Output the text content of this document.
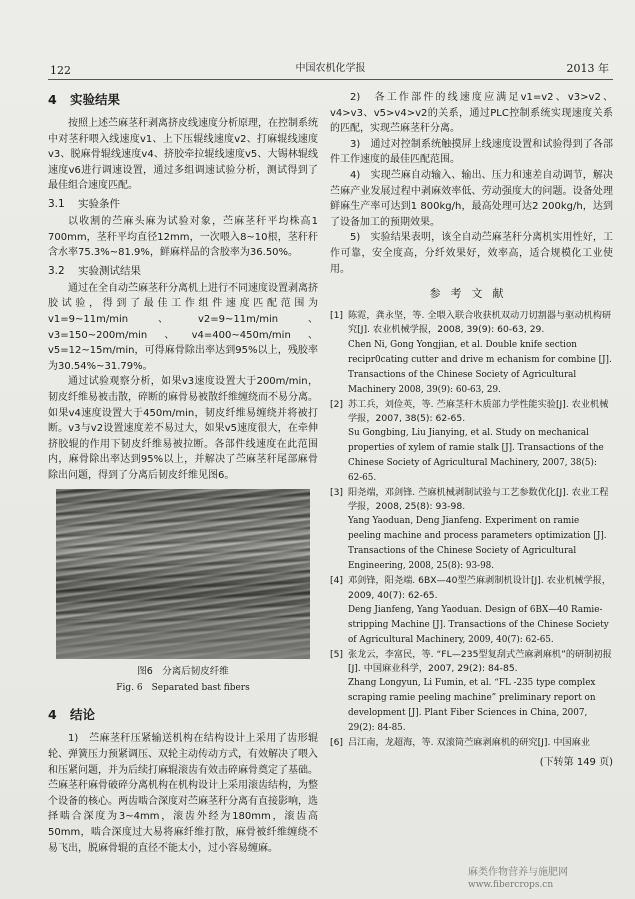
122	中国农机化学报	2013 年
4 实验结果

按照上述苎麻茎秆剥离挤皮线速度分析原理，在控制系统中对茎秆喂入线速度v1、上下压辊线速度v2、打麻辊线速度v3、脱麻骨辊线速度v4、挤胶牵拉辊线速度v5、大锡林辊线速度v6进行调速设置，通过多组调速试验分析，测试得到了最佳组合速度匹配。

3.1 实验条件

以收割的苎麻头麻为试验对象，苎麻茎秆平均株高1 700mm，茎秆平均直径12mm，一次喂入8~10根，茎秆秆含水率75.3%~81.9%，鲜麻样品的含胶率为36.50%。

3.2 实验测试结果

通过在全自动苎麻茎秆分离机上进行不同速度设置剥离挤胶试验，得到了最佳工作组件速度匹配范围为v1=9~11m/min、v2=9~11m/min、v3=150~200m/min、v4=400~450m/min、v5=12~15m/min，可得麻骨除出率达到95%以上，残胶率为30.54%~31.79%。

通过试验观察分析，如果v3速度设置大于200m/min，韧皮纤维易被击散，碎断的麻骨易被散纤维缠绕而不易分离。如果v4速度设置大于450m/min，韧皮纤维易缠绕并将被打断。v3与v2设置速度差不易过大，如果v5速度很大，在牵伸挤胶辊的作用下韧皮纤维易被拉断。各部件线速度在此范围内，麻骨除出率达到95%以上，并解决了苎麻茎秆尾部麻骨除出问题，得到了分离后韧皮纤维见图6。

图6　分离后韧皮纤维
Fig. 6　Separated bast fibers
4 结论

1)　苎麻茎秆压紧输送机构在结构设计上采用了齿形辊轮、弹簧压力预紧调压、双轮主动传动方式，有效解决了喂入和压紧问题，并为后续打麻辊滚齿有效击碎麻骨奠定了基础。苎麻茎秆麻骨破碎分离机构在机构设计上采用滚齿结构，为整个设备的核心。两齿啮合深度对苎麻茎秆分离有直接影响，选择啮合深度为3~4mm，滚齿外经为180mm，滚齿高50mm，啮合深度过大易将麻纤维打散，麻骨被纤维缠绕不易飞出，脱麻骨辊的直径不能太小，过小容易缠麻。

2)　各工作部件的线速度应满足v1=v2、v3>v2、v4>v3、v5>v4>v2的关系，通过PLC控制系统实现速度关系的匹配，实现苎麻茎秆分离。

3)　通过对控制系统触摸屏上线速度设置和试验得到了各部件工作速度的最佳匹配范围。

4)　实现苎麻自动输入、输出、压力和速差自动调节，解决苎麻产业发展过程中剥麻效率低、劳动强度大的问题。设备处理鲜麻生产率可达到1 800kg/h，最高处理可达2 200kg/h，达到了设备加工的预期效果。

5)　实验结果表明，该全自动苎麻茎秆分离机实用性好，工作可靠，安全度高，分纤效果好，效率高，适合规模化工业使用。

参考文献
[1] 陈霓，龚永坚，等. 全喂入联合收获机双动刀切割器与驱动机构研究[J]. 农业机械学报，2008, 39(9): 60-63, 29.
Chen Ni, Gong Yongjian, et al. Double knife section recipr0cating cutter and drive m echanism for combine [J]. Transactions of the Chinese Society of Agricultural Machinery 2008, 39(9): 60-63, 29.
[2] 苏工兵，刘俭英，等. 苎麻茎秆木质部力学性能实验[J]. 农业机械学报，2007, 38(5): 62-65.
Su Gongbing, Liu Jianying, et al. Study on mechanical properties of xylem of ramie stalk [J]. Transactions of the Chinese Society of Agricultural Machinery, 2007, 38(5): 62-65.
[3] 阳尧端，邓剑锋. 苎麻机械剥制试验与工艺参数优化[J]. 农业工程学报，2008, 25(8): 93-98.
Yang Yaoduan, Deng Jianfeng. Experiment on ramie peeling machine and process parameters optimization [J]. Transactions of the Chinese Society of Agricultural Engineering, 2008, 25(8): 93-98.
[4] 邓剑锋，阳尧端. 6BX—40型苎麻剥制机设计[J]. 农业机械学报，2009, 40(7): 62-65.
Deng Jianfeng, Yang Yaoduan. Design of 6BX—40 Ramie-stripping Machine [J]. Transactions of the Chinese Society of Agricultural Machinery, 2009, 40(7): 62-65.
[5] 张龙云，李富民，等. “FL—235型复刮式苎麻剥麻机”的研制初报[J]. 中国麻业科学，2007, 29(2): 84-85.
Zhang Longyun, Li Fumin, et al. “FL -235 type complex scraping ramie peeling machine” preliminary report on development [J]. Plant Fiber Sciences in China, 2007, 29(2): 84-85.
[6] 吕江南，龙超海，等. 双滚筒苎麻剥麻机的研究[J]. 中国麻业
(下转第 149 页)
麻类作物营养与施肥网
www.fibercrops.cn
